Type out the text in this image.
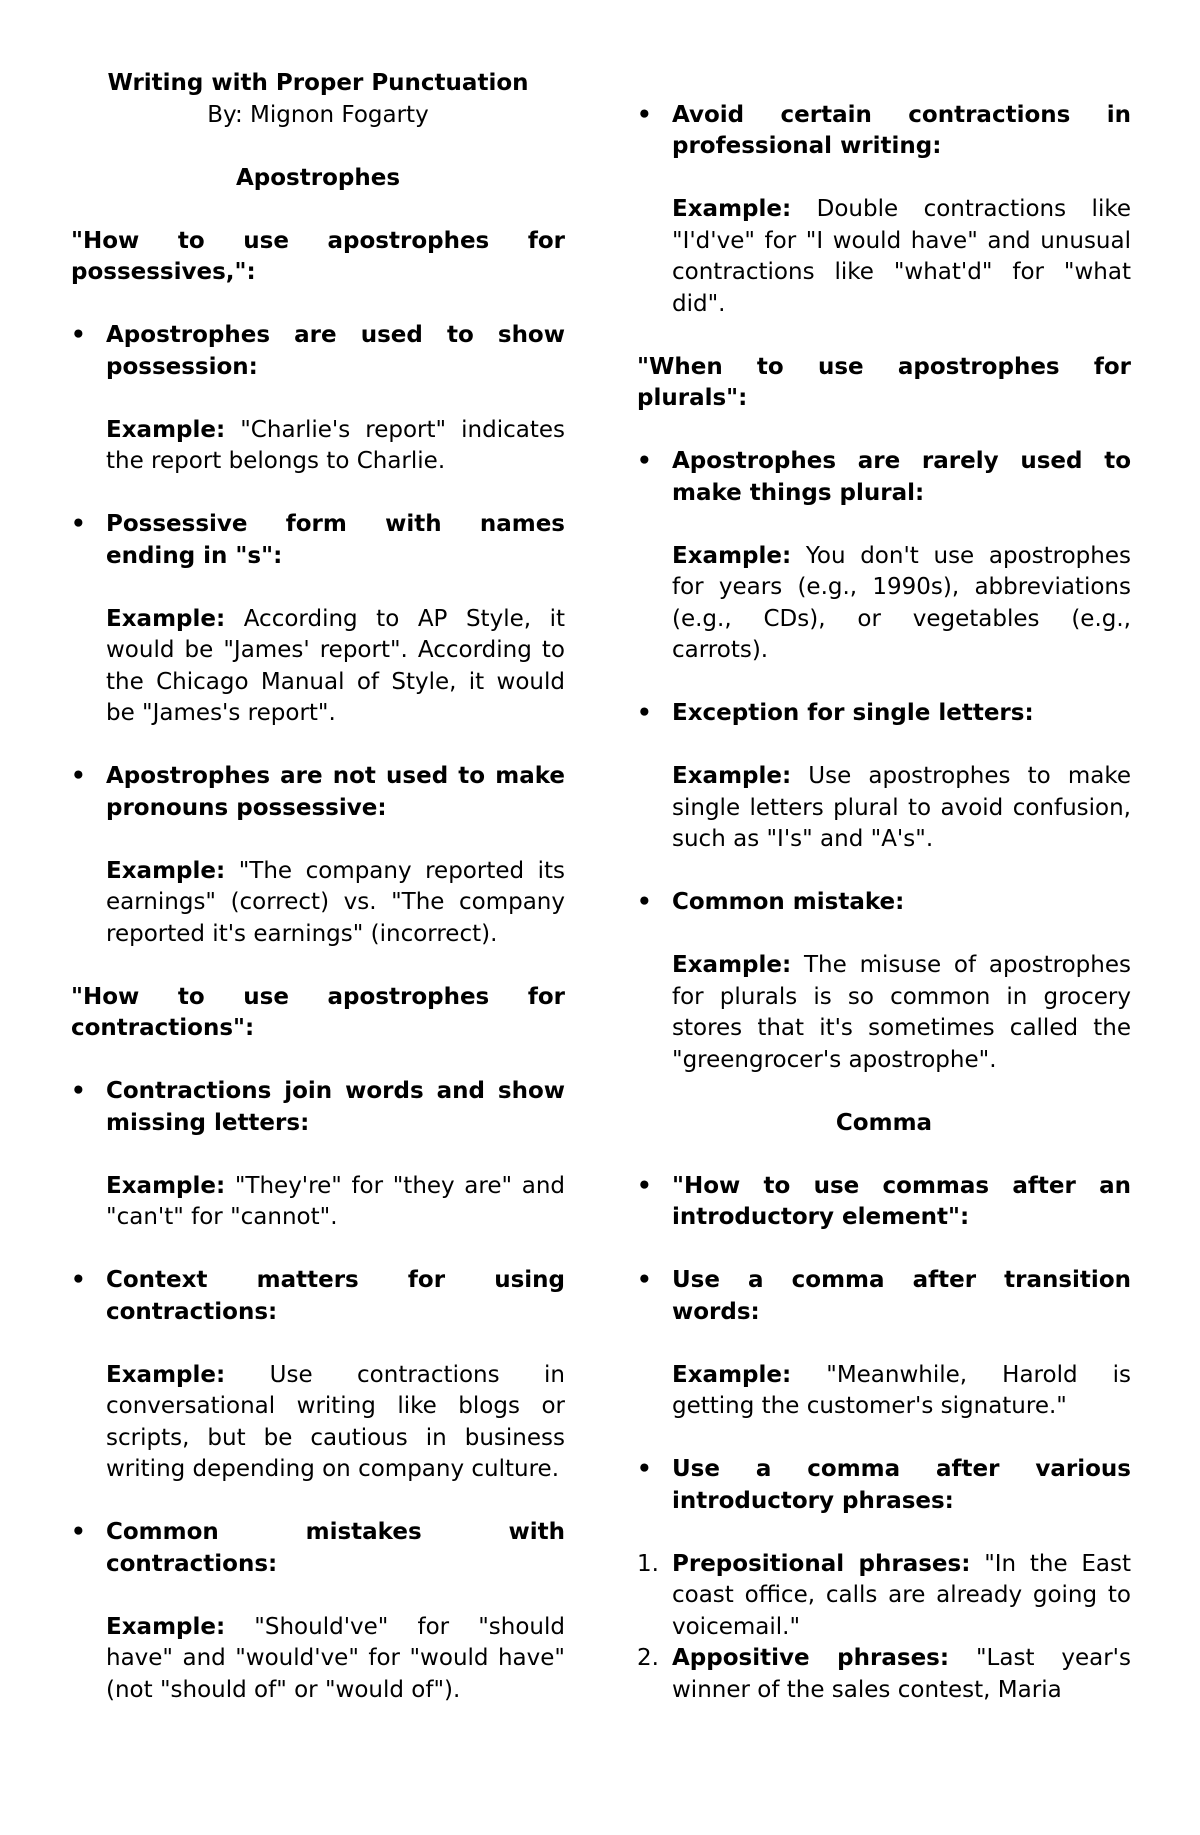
Writing with Proper Punctuation

By: Mignon Fogarty

Apostrophes

"How to use apostrophes for possessives,":

• Apostrophes are used to show possession:

Example: "Charlie's report" indicates the report belongs to Charlie.

• Possessive form with names ending in "s":

Example: According to AP Style, it would be "James' report". According to the Chicago Manual of Style, it would be "James's report".

• Apostrophes are not used to make pronouns possessive:

Example: "The company reported its earnings" (correct) vs. "The company reported it's earnings" (incorrect).

"How to use apostrophes for contractions":

• Contractions join words and show missing letters:

Example: "They're" for "they are" and "can't" for "cannot".

• Context matters for using contractions:

Example: Use contractions in conversational writing like blogs or scripts, but be cautious in business writing depending on company culture.

• Common mistakes with contractions:

Example: "Should've" for "should have" and "would've" for "would have" (not "should of" or "would of").

• Avoid certain contractions in professional writing:

Example: Double contractions like "I'd've" for "I would have" and unusual contractions like "what'd" for "what did".

"When to use apostrophes for plurals":

• Apostrophes are rarely used to make things plural:

Example: You don't use apostrophes for years (e.g., 1990s), abbreviations (e.g., CDs), or vegetables (e.g., carrots).

• Exception for single letters:

Example: Use apostrophes to make single letters plural to avoid confusion, such as "I's" and "A's".

• Common mistake:

Example: The misuse of apostrophes for plurals is so common in grocery stores that it's sometimes called the "greengrocer's apostrophe".

Comma

• "How to use commas after an introductory element":

• Use a comma after transition words:

Example: "Meanwhile, Harold is getting the customer's signature."

• Use a comma after various introductory phrases:

1. Prepositional phrases: "In the East coast office, calls are already going to voicemail."
2. Appositive phrases: "Last year's winner of the sales contest, Maria
